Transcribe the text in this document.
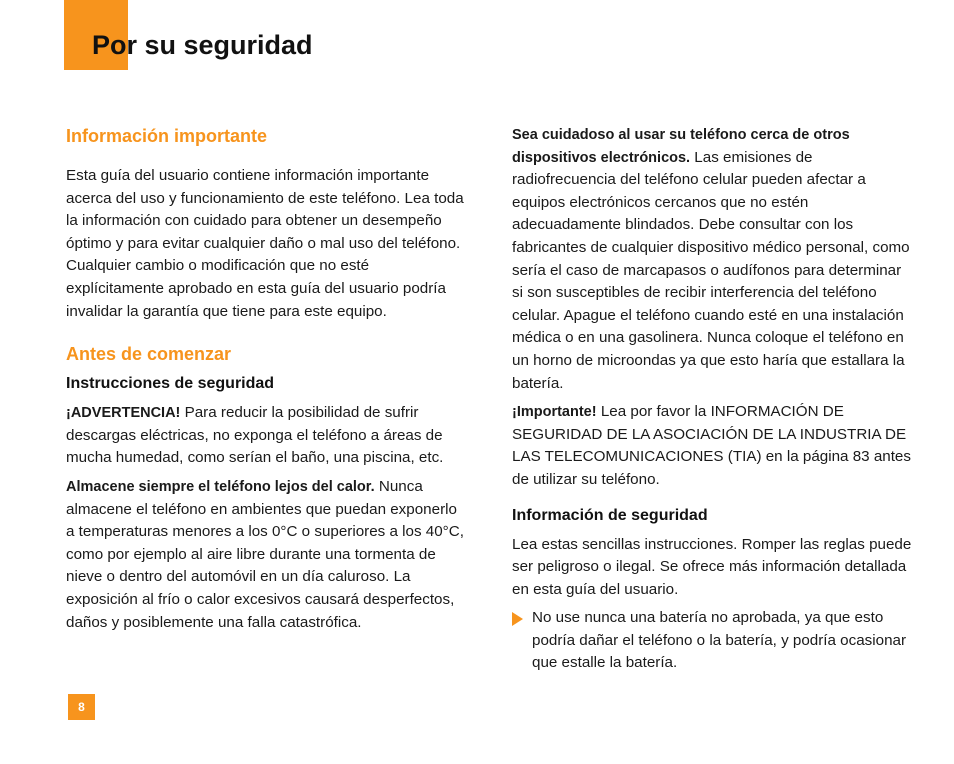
Por su seguridad
Información importante

Esta guía del usuario contiene información importante acerca del uso y funcionamiento de este teléfono. Lea toda la información con cuidado para obtener un desempeño óptimo y para evitar cualquier daño o mal uso del teléfono. Cualquier cambio o modificación que no esté explícitamente aprobado en esta guía del usuario podría invalidar la garantía que tiene para este equipo.

Antes de comenzar
Instrucciones de seguridad

¡ADVERTENCIA! Para reducir la posibilidad de sufrir descargas eléctricas, no exponga el teléfono a áreas de mucha humedad, como serían el baño, una piscina, etc.

Almacene siempre el teléfono lejos del calor. Nunca almacene el teléfono en ambientes que puedan exponerlo a temperaturas menores a los 0°C o superiores a los 40°C, como por ejemplo al aire libre durante una tormenta de nieve o dentro del automóvil en un día caluroso. La exposición al frío o calor excesivos causará desperfectos, daños y posiblemente una falla catastrófica.

Sea cuidadoso al usar su teléfono cerca de otros dispositivos electrónicos. Las emisiones de radiofrecuencia del teléfono celular pueden afectar a equipos electrónicos cercanos que no estén adecuadamente blindados. Debe consultar con los fabricantes de cualquier dispositivo médico personal, como sería el caso de marcapasos o audífonos para determinar si son susceptibles de recibir interferencia del teléfono celular. Apague el teléfono cuando esté en una instalación médica o en una gasolinera. Nunca coloque el teléfono en un horno de microondas ya que esto haría que estallara la batería.

¡Importante! Lea por favor la INFORMACIÓN DE SEGURIDAD DE LA ASOCIACIÓN DE LA INDUSTRIA DE LAS TELECOMUNICACIONES (TIA) en la página 83 antes de utilizar su teléfono.

Información de seguridad

Lea estas sencillas instrucciones. Romper las reglas puede ser peligroso o ilegal. Se ofrece más información detallada en esta guía del usuario.

No use nunca una batería no aprobada, ya que esto podría dañar el teléfono o la batería, y podría ocasionar que estalle la batería.
8
